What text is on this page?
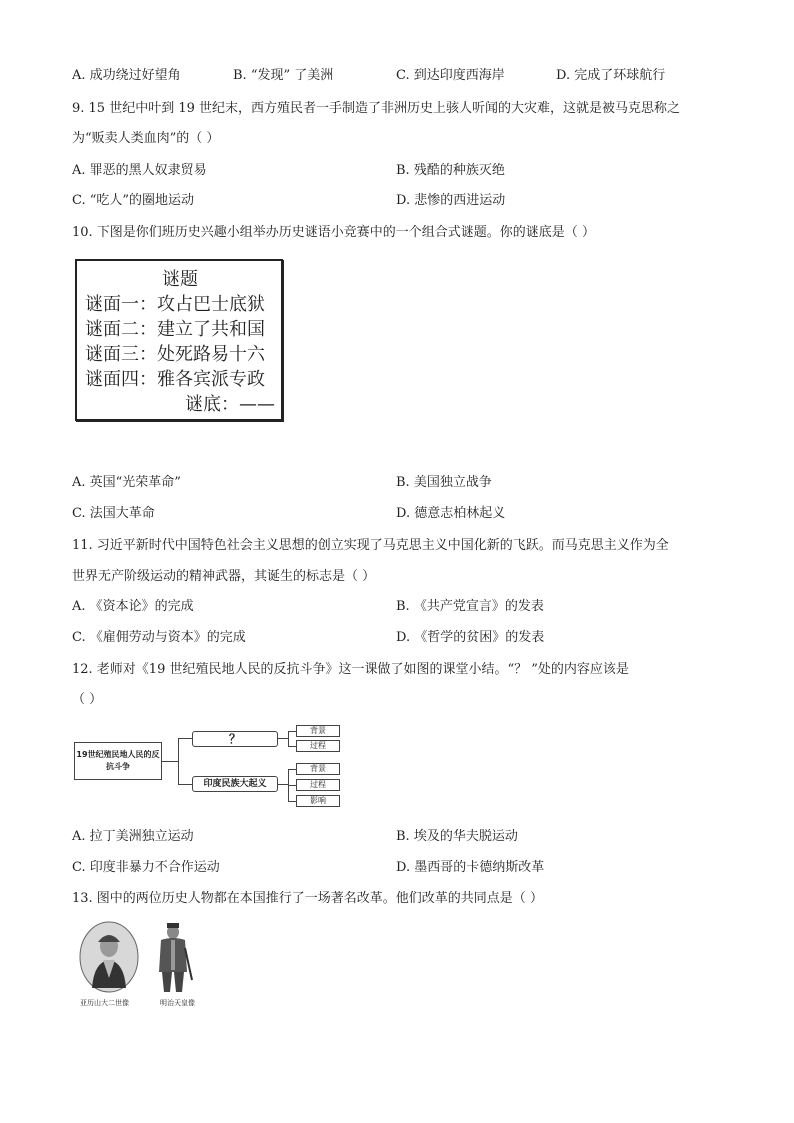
A. 成功绕过好望角	B. “发现” 了美洲	C. 到达印度西海岸	D. 完成了环球航行
9. 15 世纪中叶到 19 世纪末，西方殖民者一手制造了非洲历史上骇人听闻的大灾难，这就是被马克思称之
为“贩卖人类血肉”的（ ）
A. 罪恶的黑人奴隶贸易	B. 残酷的种族灭绝
C. “吃人”的圈地运动	D. 悲惨的西进运动
10. 下图是你们班历史兴趣小组举办历史谜语小竞赛中的一个组合式谜题。你的谜底是（ ）
谜题
谜面一：攻占巴士底狱
谜面二：建立了共和国
谜面三：处死路易十六
谜面四：雅各宾派专政
谜底：——
A. 英国“光荣革命”	B. 美国独立战争
C. 法国大革命	D. 德意志柏林起义
11. 习近平新时代中国特色社会主义思想的创立实现了马克思主义中国化新的飞跃。而马克思主义作为全
世界无产阶级运动的精神武器，其诞生的标志是（ ）
A. 《资本论》的完成	B. 《共产党宣言》的发表
C. 《雇佣劳动与资本》的完成	D. 《哲学的贫困》的发表
12. 老师对《19 世纪殖民地人民的反抗斗争》这一课做了如图的课堂小结。“？ ”处的内容应该是
（ ）
19世纪殖民地人民的反抗斗争
？
背景
过程
印度民族大起义
背景
过程
影响
A. 拉丁美洲独立运动	B. 埃及的华夫脱运动
C. 印度非暴力不合作运动	D. 墨西哥的卡德纳斯改革
13. 图中的两位历史人物都在本国推行了一场著名改革。他们改革的共同点是（ ）
亚历山大二世像	明治天皇像
